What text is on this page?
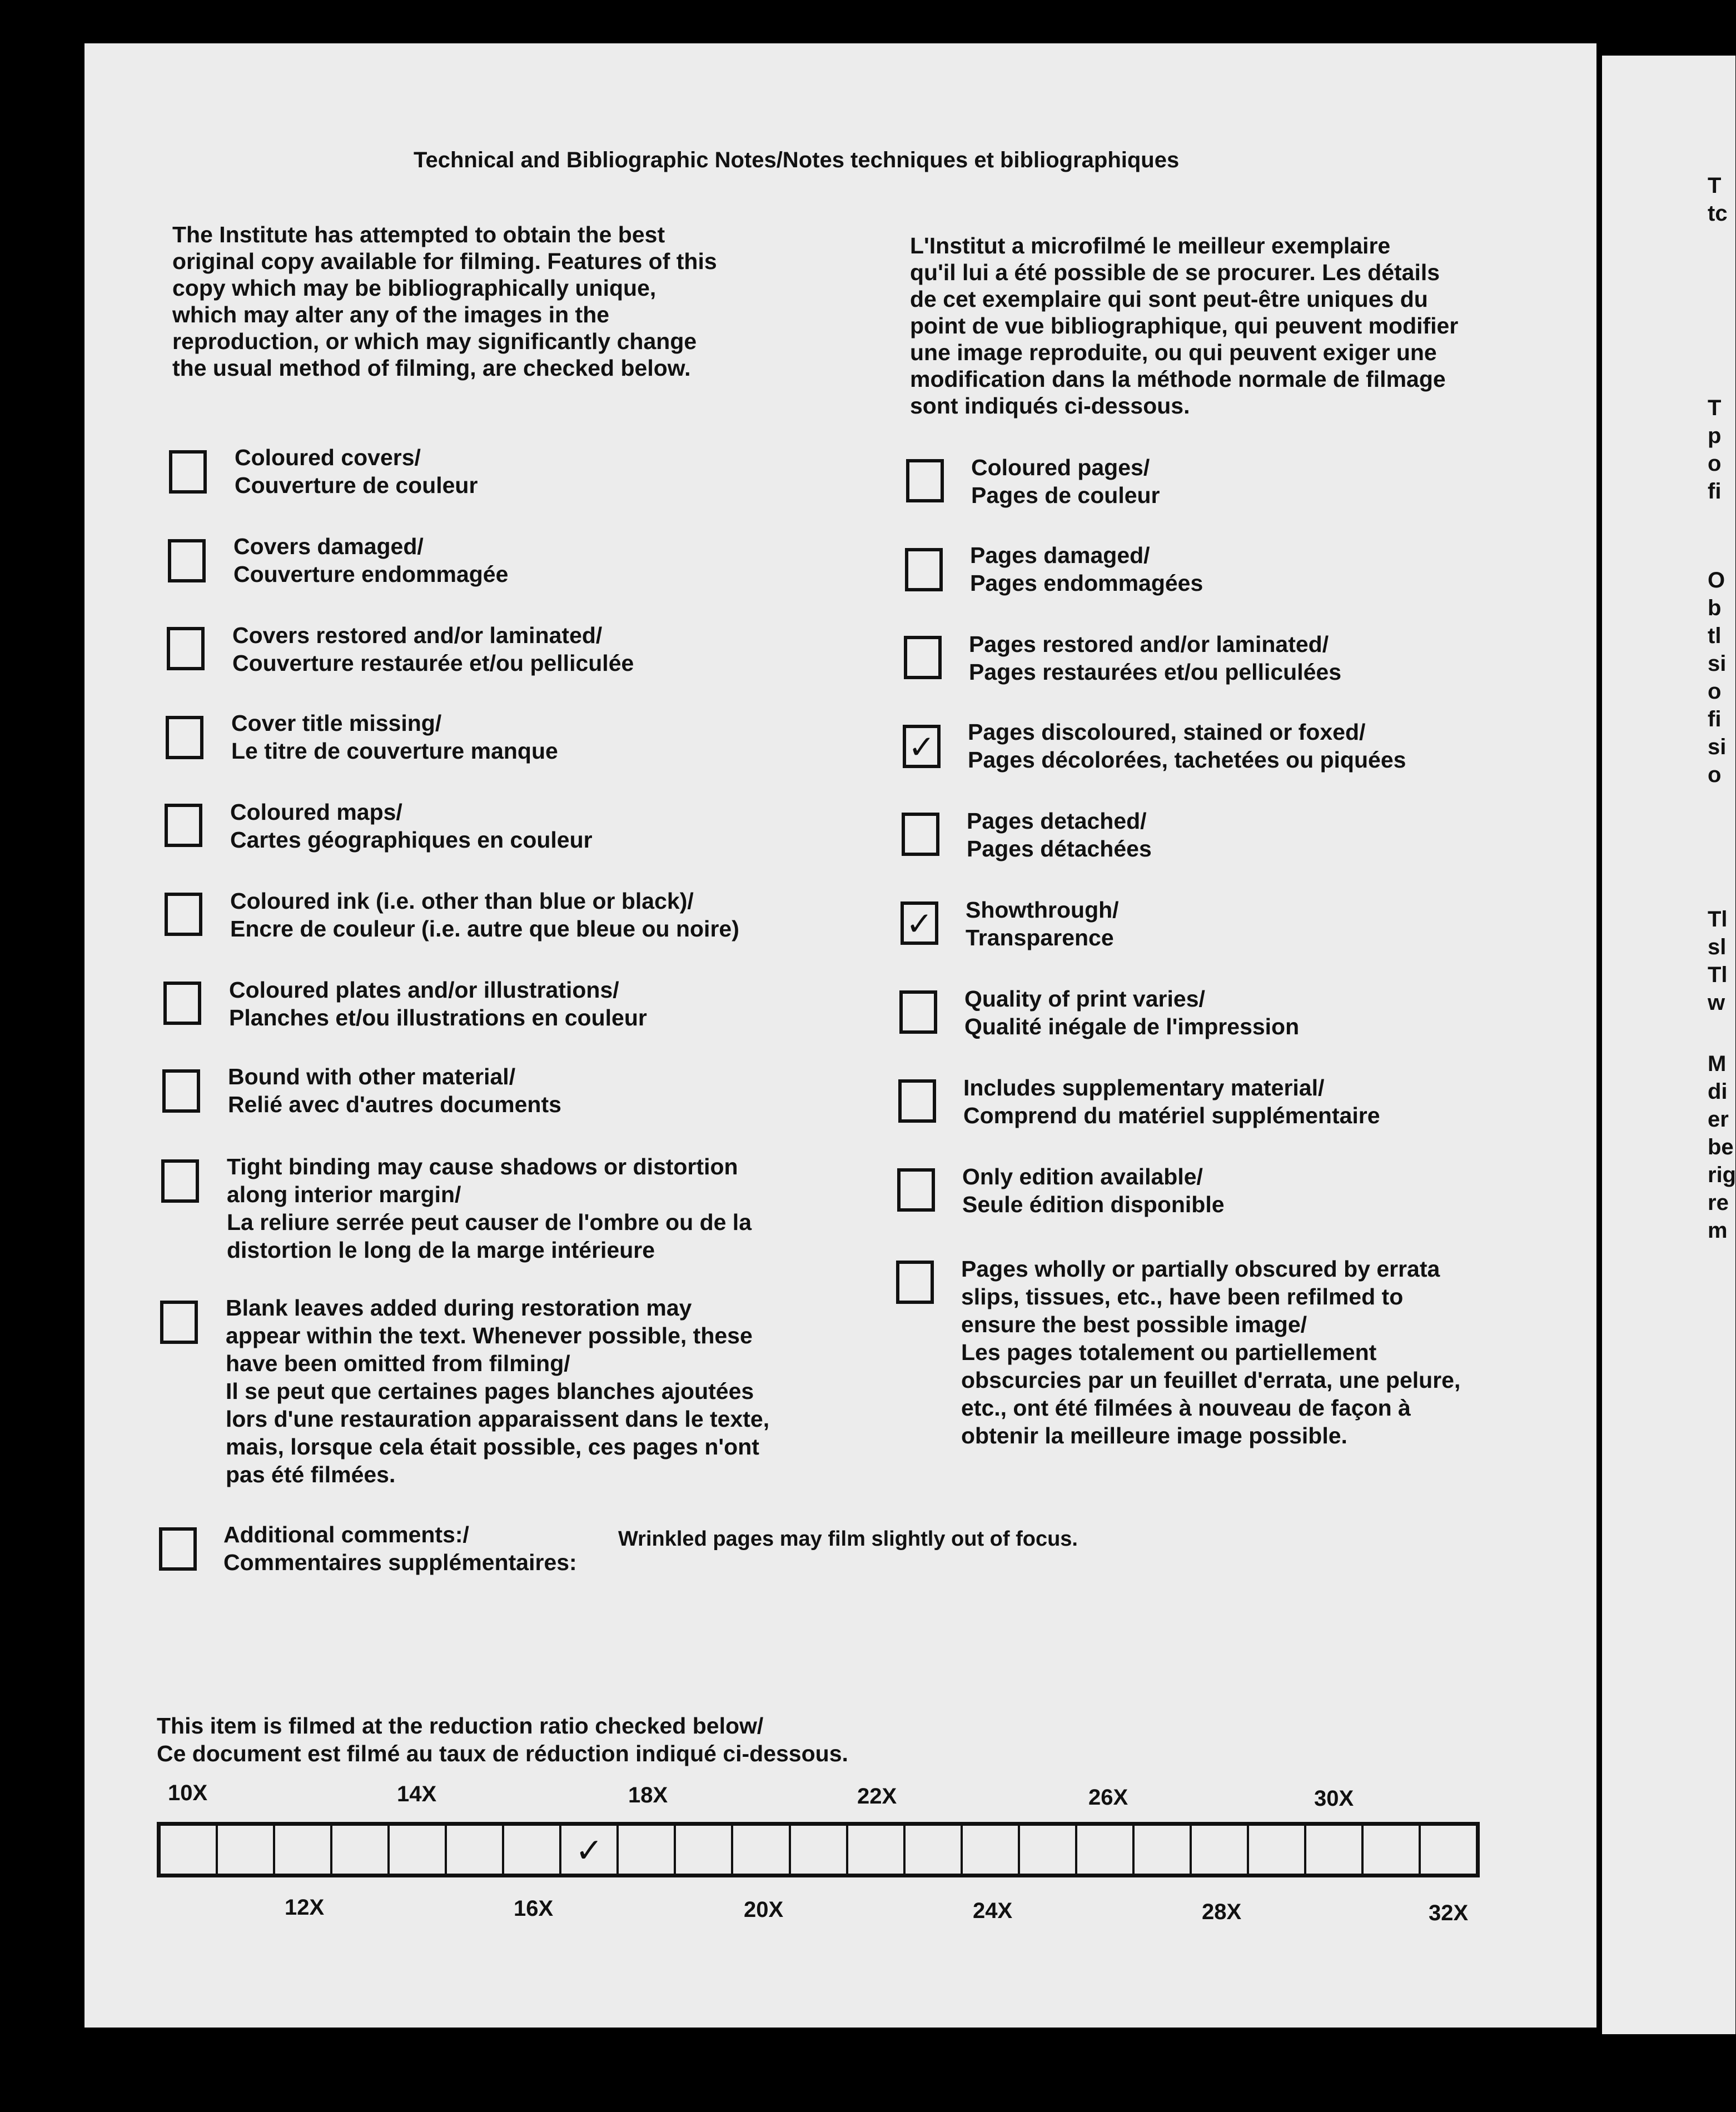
Technical and Bibliographic Notes/Notes techniques et bibliographiques
The Institute has attempted to obtain the best
original copy available for filming. Features of this
copy which may be bibliographically unique,
which may alter any of the images in the
reproduction, or which may significantly change
the usual method of filming, are checked below.
L'Institut a microfilmé le meilleur exemplaire
qu'il lui a été possible de se procurer. Les détails
de cet exemplaire qui sont peut-être uniques du
point de vue bibliographique, qui peuvent modifier
une image reproduite, ou qui peuvent exiger une
modification dans la méthode normale de filmage
sont indiqués ci-dessous.
Coloured covers/
Couverture de couleur
Covers damaged/
Couverture endommagée
Covers restored and/or laminated/
Couverture restaurée et/ou pelliculée
Cover title missing/
Le titre de couverture manque
Coloured maps/
Cartes géographiques en couleur
Coloured ink (i.e. other than blue or black)/
Encre de couleur (i.e. autre que bleue ou noire)
Coloured plates and/or illustrations/
Planches et/ou illustrations en couleur
Bound with other material/
Relié avec d'autres documents
Tight binding may cause shadows or distortion
along interior margin/
La reliure serrée peut causer de l'ombre ou de la
distortion le long de la marge intérieure
Blank leaves added during restoration may
appear within the text. Whenever possible, these
have been omitted from filming/
Il se peut que certaines pages blanches ajoutées
lors d'une restauration apparaissent dans le texte,
mais, lorsque cela était possible, ces pages n'ont
pas été filmées.
Coloured pages/
Pages de couleur
Pages damaged/
Pages endommagées
Pages restored and/or laminated/
Pages restaurées et/ou pelliculées
✓ Pages discoloured, stained or foxed/
Pages décolorées, tachetées ou piquées
Pages detached/
Pages détachées
✓ Showthrough/
Transparence
Quality of print varies/
Qualité inégale de l'impression
Includes supplementary material/
Comprend du matériel supplémentaire
Only edition available/
Seule édition disponible
Pages wholly or partially obscured by errata
slips, tissues, etc., have been refilmed to
ensure the best possible image/
Les pages totalement ou partiellement
obscurcies par un feuillet d'errata, une pelure,
etc., ont été filmées à nouveau de façon à
obtenir la meilleure image possible.
Additional comments:/
Commentaires supplémentaires:
Wrinkled pages may film slightly out of focus.
This item is filmed at the reduction ratio checked below/
Ce document est filmé au taux de réduction indiqué ci-dessous.
10X	14X	18X	22X	26X	30X
✓
12X	16X	20X	24X	28X	32X
T
tc
T
p
o
fi
O
b
tl
si
o
fi
si
o
Tl
sl
Tl
w
M
di
er
be
rig
re
m
